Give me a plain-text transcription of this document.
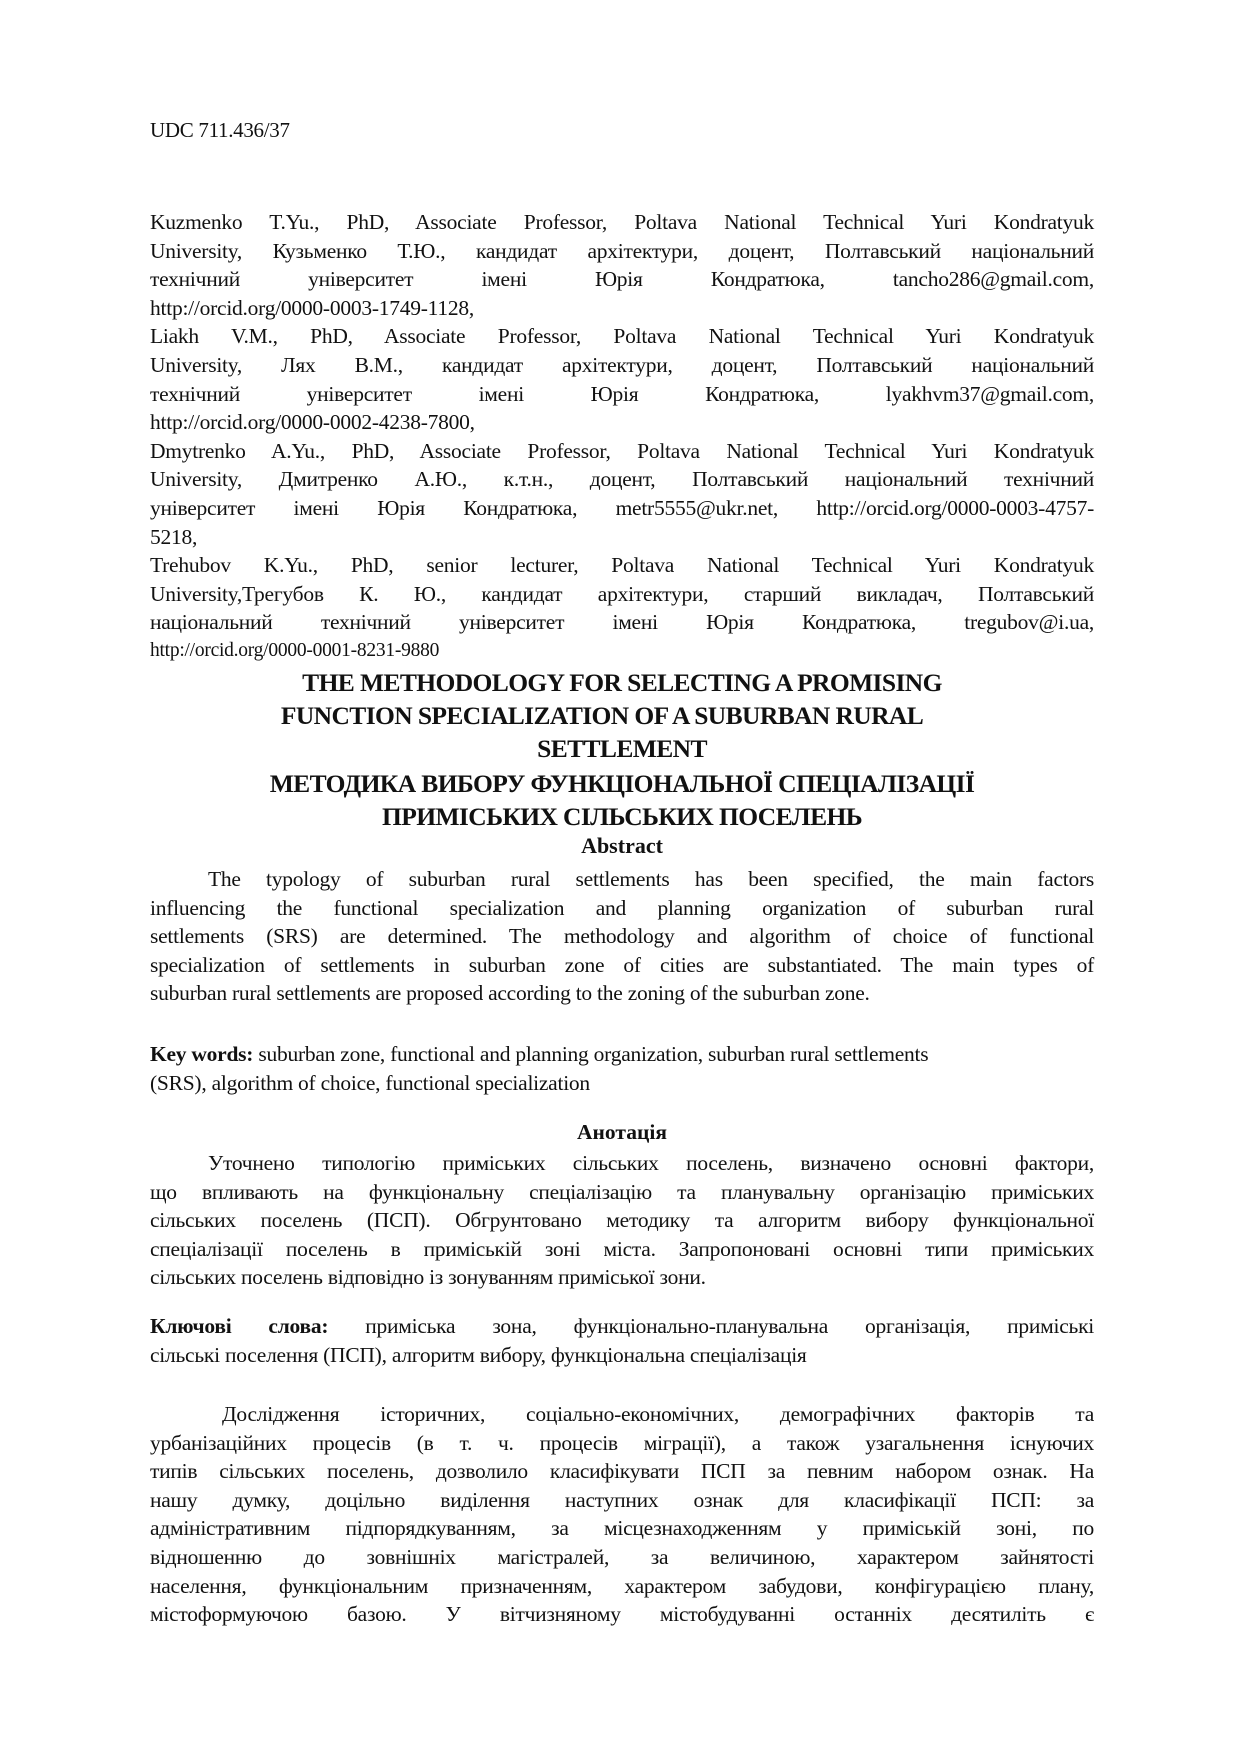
UDC 711.436/37
Kuzmenko T.Yu., PhD, Associate Professor, Poltava National Technical Yuri Kondratyuk
University, Кузьменко Т.Ю., кандидат архітектури, доцент, Полтавський національний
технічний університет імені Юрія Кондратюка, tancho286@gmail.com,
http://orcid.org/0000-0003-1749-1128,
Liakh V.M., PhD, Associate Professor, Poltava National Technical Yuri Kondratyuk
University, Лях В.М., кандидат архітектури, доцент, Полтавський національний
технічний університет імені Юрія Кондратюка, lyakhvm37@gmail.com,
http://orcid.org/0000-0002-4238-7800,
Dmytrenko A.Yu., PhD, Associate Professor, Poltava National Technical Yuri Kondratyuk
University, Дмитренко А.Ю., к.т.н., доцент, Полтавський національний технічний
університет імені Юрія Кондратюка, metr5555@ukr.net, http://orcid.org/0000-0003-4757-
5218,
Trehubov K.Yu., PhD, senior lecturer, Poltava National Technical Yuri Kondratyuk
University,Трегубов К. Ю., кандидат архітектури, старший викладач, Полтавський
національний технічний університет імені Юрія Кондратюка, tregubov@i.ua,
http://orcid.org/0000-0001-8231-9880
THE METHODOLOGY FOR SELECTING A PROMISING
FUNCTION SPECIALIZATION OF A SUBURBAN RURAL
SETTLEMENT
МЕТОДИКА ВИБОРУ ФУНКЦІОНАЛЬНОЇ СПЕЦІАЛІЗАЦІЇ
ПРИМІСЬКИХ СІЛЬСЬКИХ ПОСЕЛЕНЬ
Abstract
The typology of suburban rural settlements has been specified, the main factors
influencing the functional specialization and planning organization of suburban rural
settlements (SRS) are determined. The methodology and algorithm of choice of functional
specialization of settlements in suburban zone of cities are substantiated. The main types of
suburban rural settlements are proposed according to the zoning of the suburban zone.
Key words: suburban zone, functional and planning organization, suburban rural settlements
(SRS), algorithm of choice, functional specialization
Анотація
Уточнено типологію приміських сільських поселень, визначено основні фактори,
що впливають на функціональну спеціалізацію та планувальну організацію приміських
сільських поселень (ПСП). Обгрунтовано методику та алгоритм вибору функціональної
спеціалізації поселень в приміській зоні міста. Запропоновані основні типи приміських
сільських поселень відповідно із зонуванням приміської зони.
Ключові слова: приміська зона, функціонально-планувальна організація, приміські
сільські поселення (ПСП), алгоритм вибору, функціональна спеціалізація
Дослідження історичних, соціально-економічних, демографічних факторів та
урбанізаційних процесів (в т. ч. процесів міграції), а також узагальнення існуючих
типів сільських поселень, дозволило класифікувати ПСП за певним набором ознак. На
нашу думку, доцільно виділення наступних ознак для класифікації ПСП: за
адміністративним підпорядкуванням, за місцезнаходженням у приміській зоні, по
відношенню до зовнішніх магістралей, за величиною, характером зайнятості
населення, функціональним призначенням, характером забудови, конфігурацією плану,
містоформуючою базою. У вітчизняному містобудуванні останніх десятиліть є
